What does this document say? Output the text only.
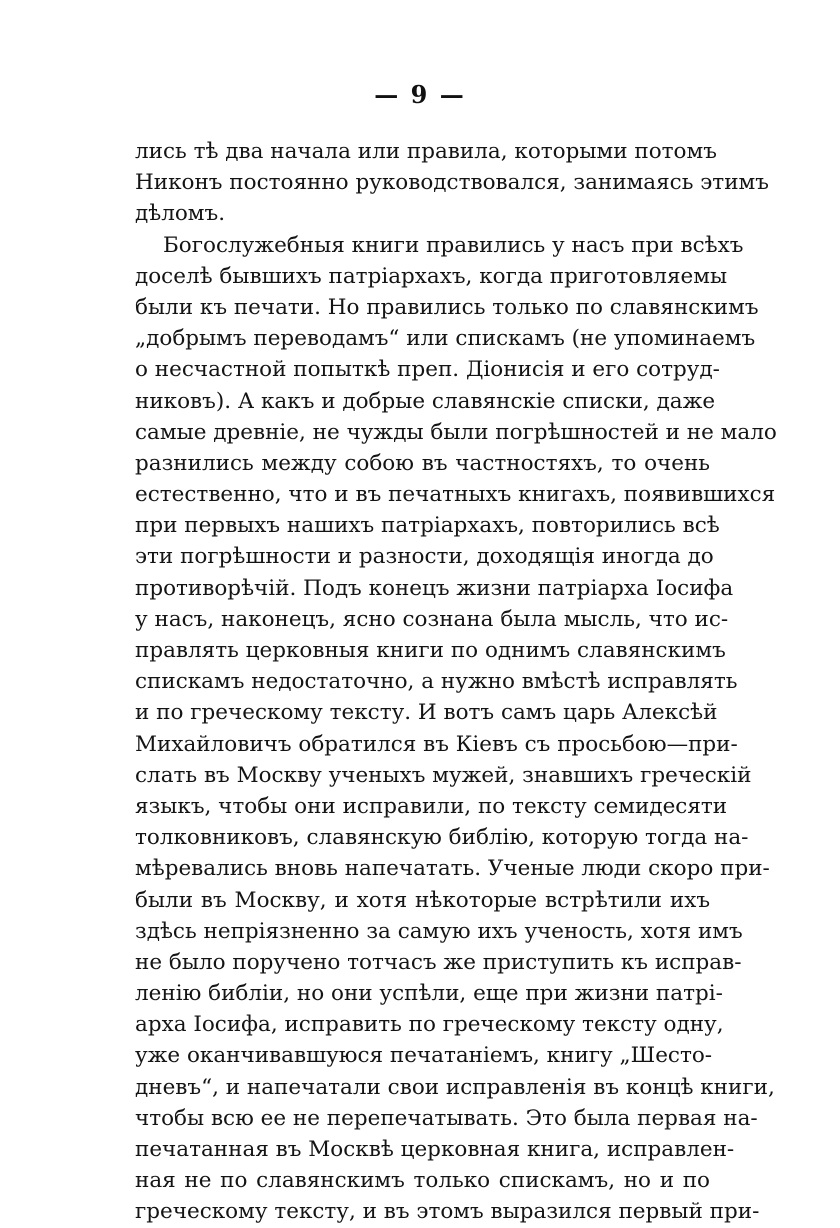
— 9 —
лись тѣ два начала или правила, которыми потомъ
Никонъ постоянно руководствовался, занимаясь этимъ
дѣломъ.
Богослужебныя книги правились у насъ при всѣхъ
доселѣ бывшихъ патріархахъ, когда приготовляемы
были къ печати. Но правились только по славянскимъ
„добрымъ переводамъ“ или спискамъ (не упоминаемъ
о несчастной попыткѣ преп. Діонисія и его сотруд-
никовъ). А какъ и добрые славянскіе списки, даже
самые древніе, не чужды были погрѣшностей и не мало
разнились между собою въ частностяхъ, то очень
естественно, что и въ печатныхъ книгахъ, появившихся
при первыхъ нашихъ патріархахъ, повторились всѣ
эти погрѣшности и разности, доходящія иногда до
противорѣчій. Подъ конецъ жизни патріарха Іосифа
у насъ, наконецъ, ясно сознана была мысль, что ис-
правлять церковныя книги по однимъ славянскимъ
спискамъ недостаточно, а нужно вмѣстѣ исправлять
и по греческому тексту. И вотъ самъ царь Алексѣй
Михайловичъ обратился въ Кіевъ съ просьбою—при-
слать въ Москву ученыхъ мужей, знавшихъ греческій
языкъ, чтобы они исправили, по тексту семидесяти
толковниковъ, славянскую библію, которую тогда на-
мѣревались вновь напечатать. Ученые люди скоро при-
были въ Москву, и хотя нѣкоторые встрѣтили ихъ
здѣсь непріязненно за самую ихъ ученость, хотя имъ
не было поручено тотчасъ же приступить къ исправ-
ленію библіи, но они успѣли, еще при жизни патрі-
арха Іосифа, исправить по греческому тексту одну,
уже оканчивавшуюся печатаніемъ, книгу „Шесто-
дневъ“, и напечатали свои исправленія въ концѣ книги,
чтобы всю ее не перепечатывать. Это была первая на-
печатанная въ Москвѣ церковная книга, исправлен-
ная не по славянскимъ только спискамъ, но и по
греческому тексту, и въ этомъ выразился первый при-
